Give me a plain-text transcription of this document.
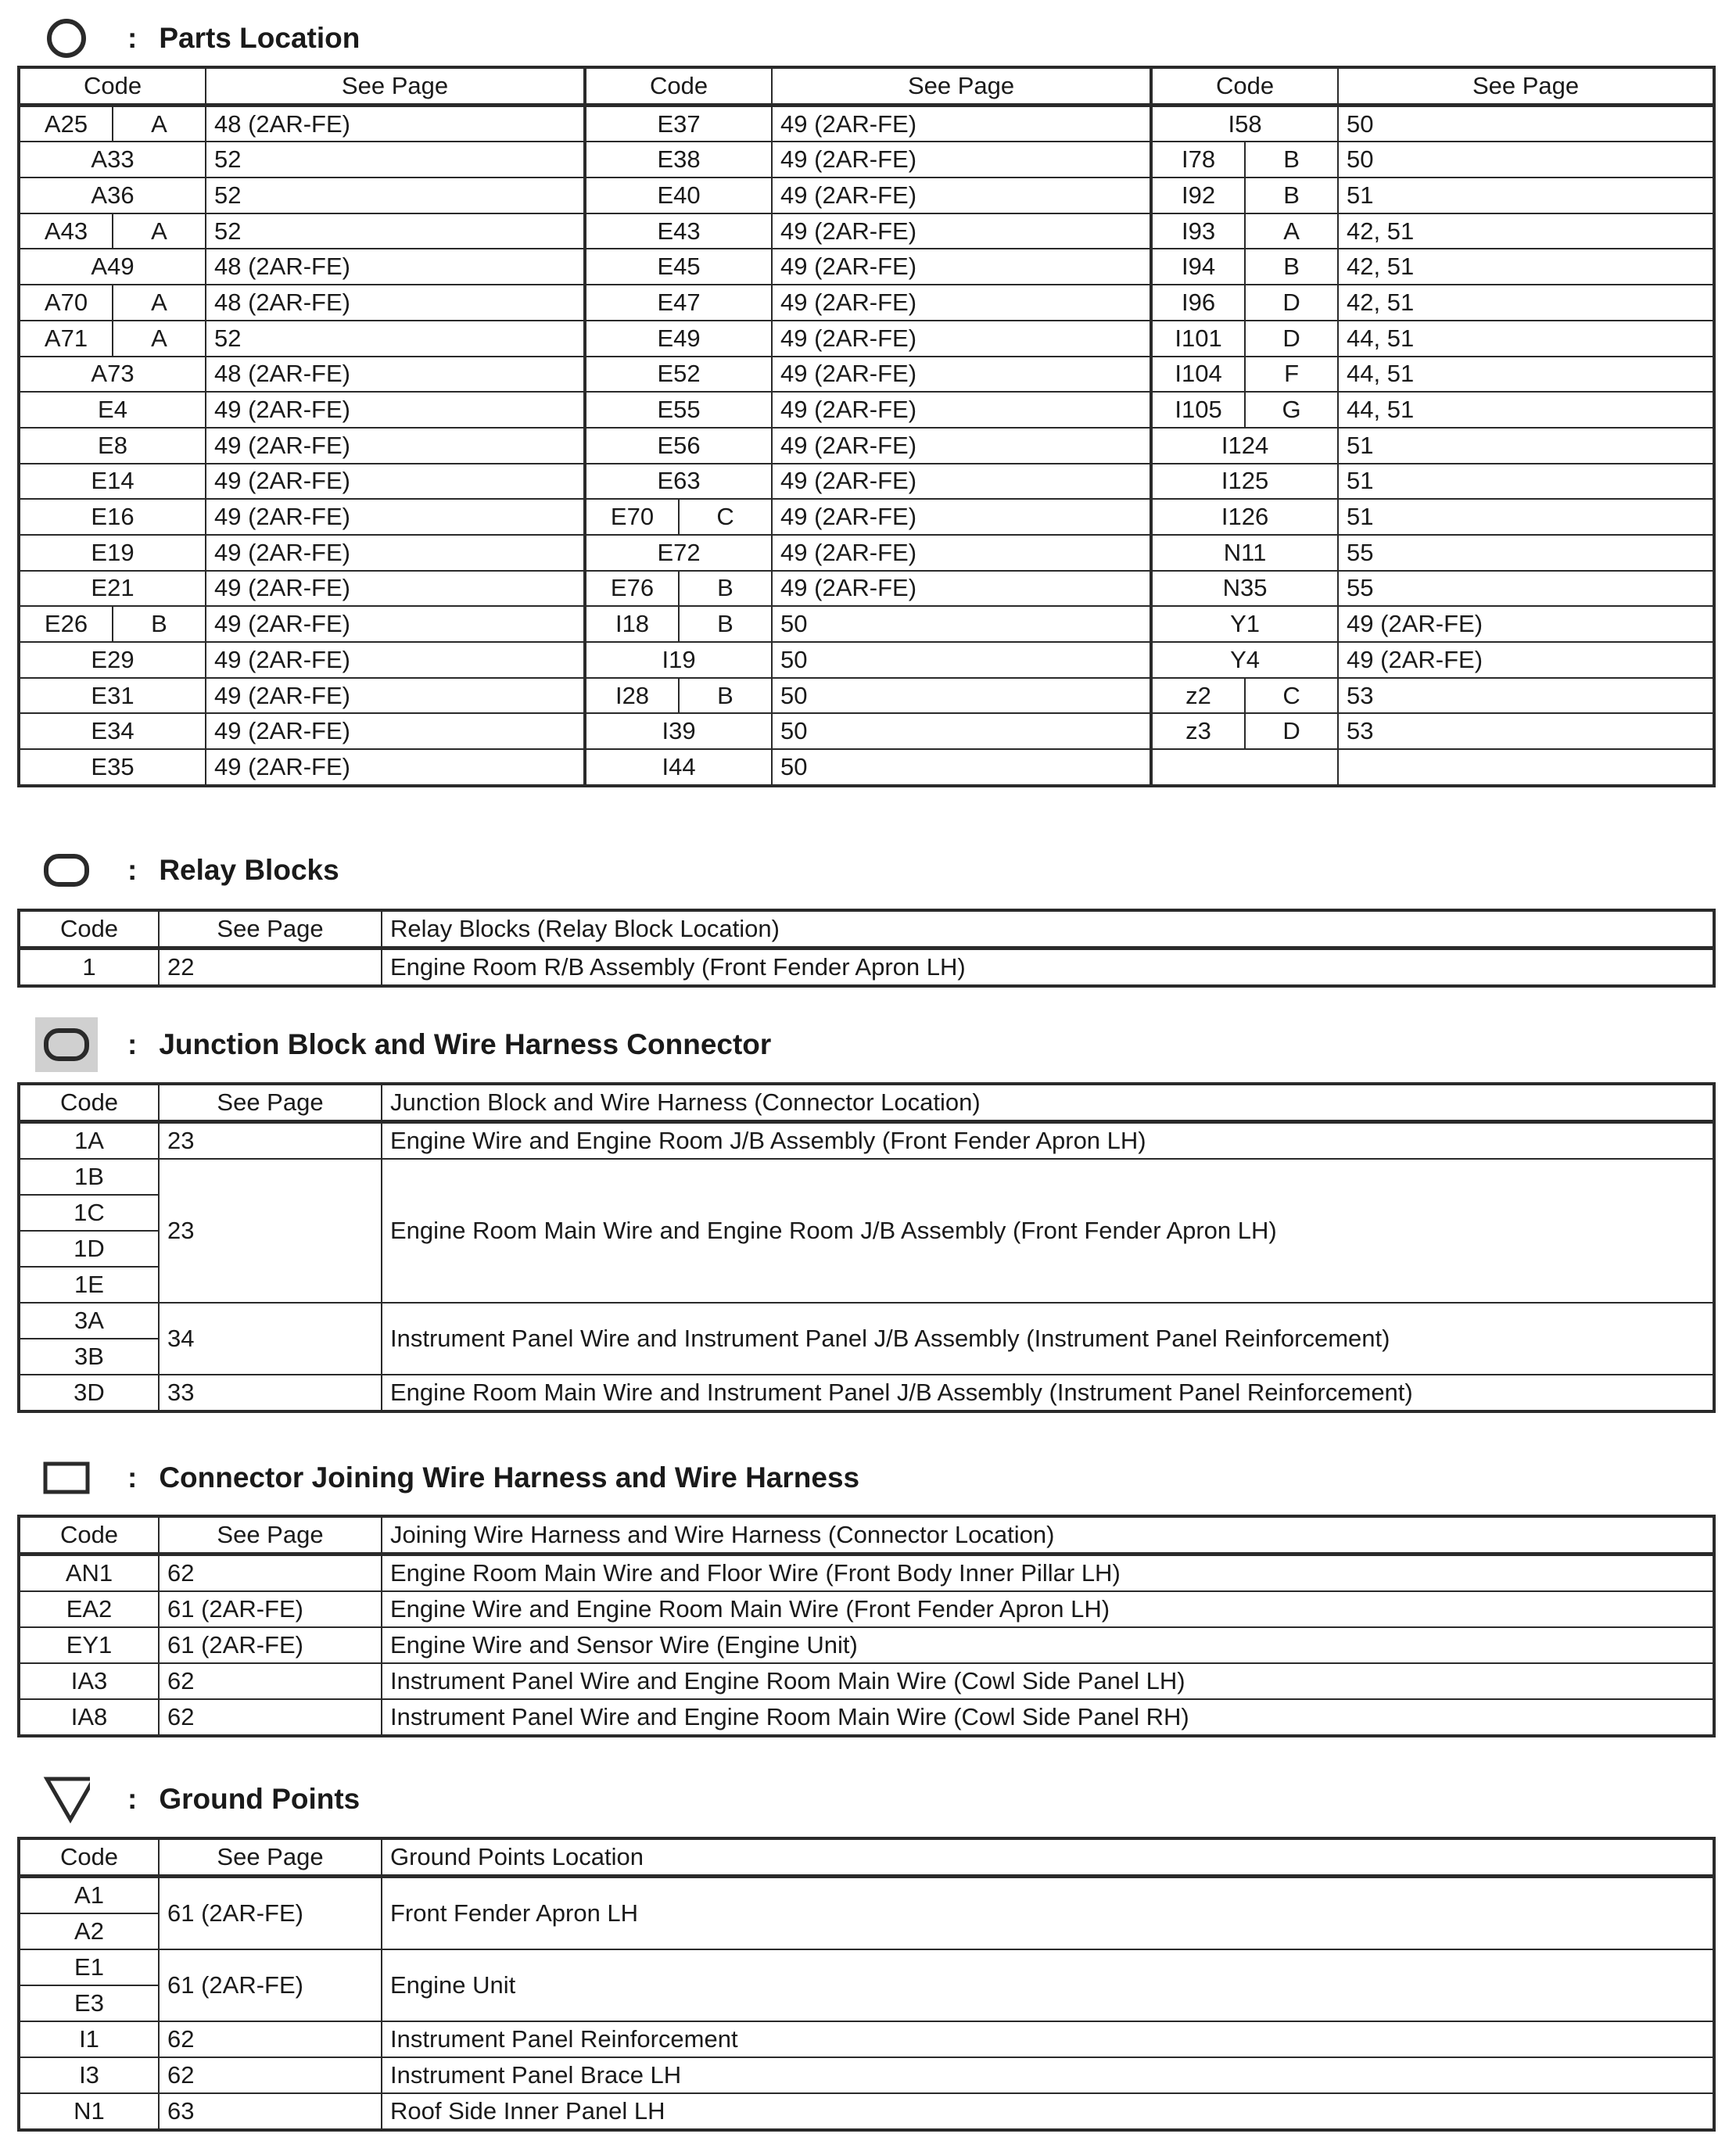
: Parts Location
Code		See Page	Code		See Page	Code		See Page
A25	A	48 (2AR-FE)	E37		49 (2AR-FE)	I58		50
A33		52	E38		49 (2AR-FE)	I78	B	50
A36		52	E40		49 (2AR-FE)	I92	B	51
A43	A	52	E43		49 (2AR-FE)	I93	A	42, 51
A49		48 (2AR-FE)	E45		49 (2AR-FE)	I94	B	42, 51
A70	A	48 (2AR-FE)	E47		49 (2AR-FE)	I96	D	42, 51
A71	A	52	E49		49 (2AR-FE)	I101	D	44, 51
A73		48 (2AR-FE)	E52		49 (2AR-FE)	I104	F	44, 51
E4		49 (2AR-FE)	E55		49 (2AR-FE)	I105	G	44, 51
E8		49 (2AR-FE)	E56		49 (2AR-FE)	I124		51
E14		49 (2AR-FE)	E63		49 (2AR-FE)	I125		51
E16		49 (2AR-FE)	E70	C	49 (2AR-FE)	I126		51
E19		49 (2AR-FE)	E72		49 (2AR-FE)	N11		55
E21		49 (2AR-FE)	E76	B	49 (2AR-FE)	N35		55
E26	B	49 (2AR-FE)	I18	B	50	Y1		49 (2AR-FE)
E29		49 (2AR-FE)	I19		50	Y4		49 (2AR-FE)
E31		49 (2AR-FE)	I28	B	50	z2	C	53
E34		49 (2AR-FE)	I39		50	z3	D	53
E35		49 (2AR-FE)	I44		50			
: Relay Blocks
Code	See Page	Relay Blocks (Relay Block Location)
1	22	Engine Room R/B Assembly (Front Fender Apron LH)
: Junction Block and Wire Harness Connector
Code	See Page	Junction Block and Wire Harness (Connector Location)
1A	23	Engine Wire and Engine Room J/B Assembly (Front Fender Apron LH)
1B	23	Engine Room Main Wire and Engine Room J/B Assembly (Front Fender Apron LH)
1C		
1D		
1E		
3A	34	Instrument Panel Wire and Instrument Panel J/B Assembly (Instrument Panel Reinforcement)
3B		
3D	33	Engine Room Main Wire and Instrument Panel J/B Assembly (Instrument Panel Reinforcement)
: Connector Joining Wire Harness and Wire Harness
Code	See Page	Joining Wire Harness and Wire Harness (Connector Location)
AN1	62	Engine Room Main Wire and Floor Wire (Front Body Inner Pillar LH)
EA2	61 (2AR-FE)	Engine Wire and Engine Room Main Wire (Front Fender Apron LH)
EY1	61 (2AR-FE)	Engine Wire and Sensor Wire (Engine Unit)
IA3	62	Instrument Panel Wire and Engine Room Main Wire (Cowl Side Panel LH)
IA8	62	Instrument Panel Wire and Engine Room Main Wire (Cowl Side Panel RH)
: Ground Points
Code	See Page	Ground Points Location
A1	61 (2AR-FE)	Front Fender Apron LH
A2		
E1	61 (2AR-FE)	Engine Unit
E3		
I1	62	Instrument Panel Reinforcement
I3	62	Instrument Panel Brace LH
N1	63	Roof Side Inner Panel LH
